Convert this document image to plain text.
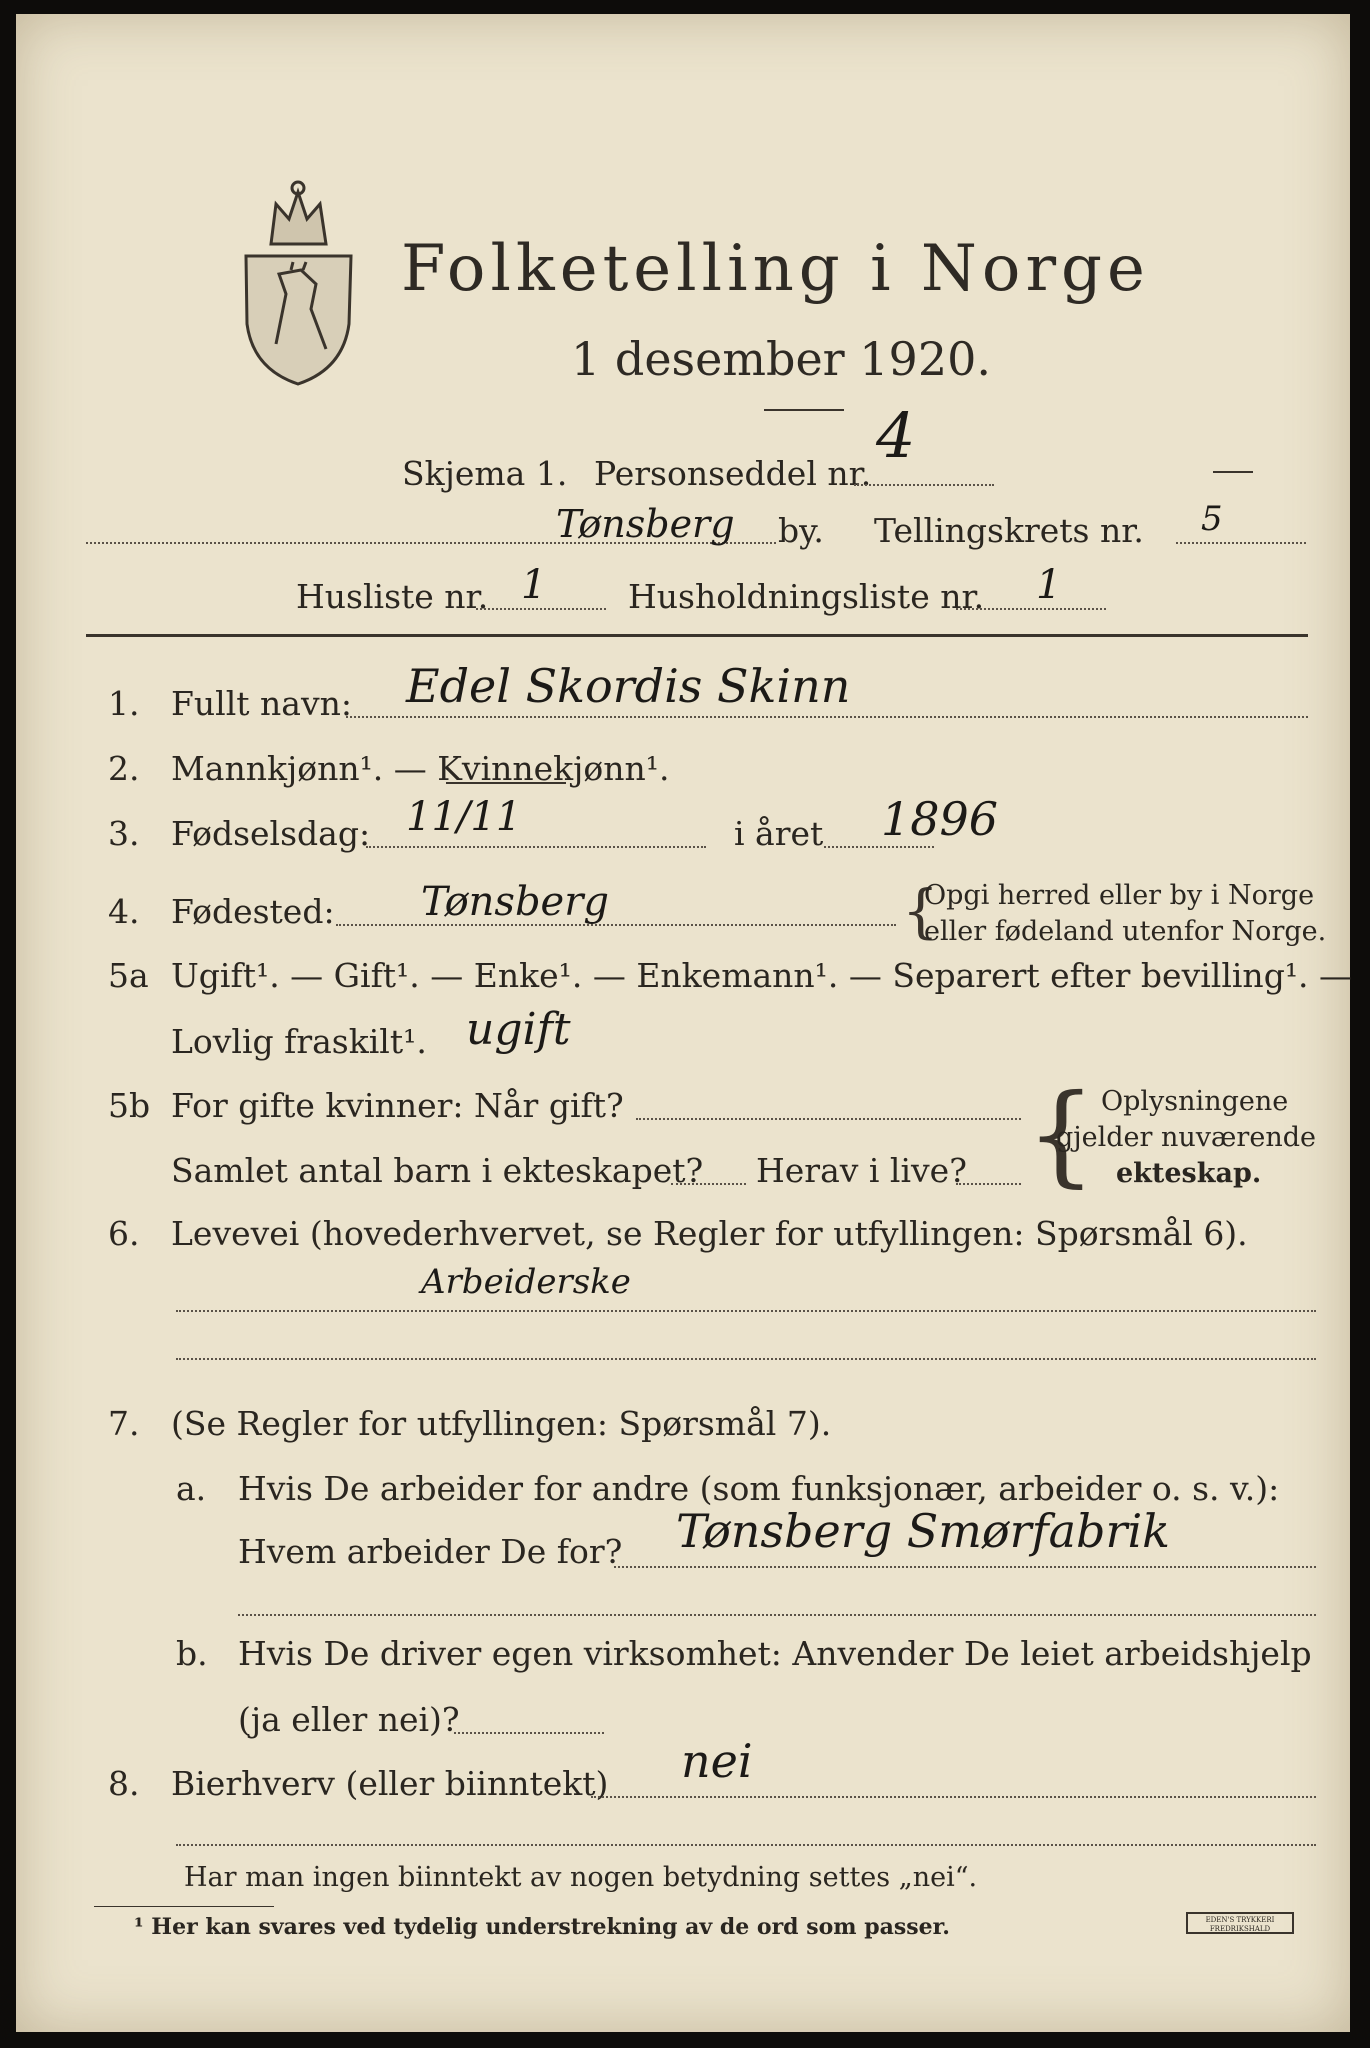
Folketelling i Norge
1 desember 1920.
Skjema 1. Personseddel nr.
4
Tønsberg by. Tellingskrets nr. 5
Husliste nr. 1 Husholdningsliste nr. 1
1. Fullt navn: Edel Skordis Skinn
2. Mannkjønn¹. — Kvinnekjønn¹.
3. Fødselsdag: 11/11	i året 1896
4. Fødested: Tønsberg	{
Opgi herred eller by i Norge
eller fødeland utenfor Norge.
5a Ugift¹. — Gift¹. — Enke¹. — Enkemann¹. — Separert efter bevilling¹. —
Lovlig fraskilt¹. ugift
5b For gifte kvinner: Når gift?
Samlet antal barn i ekteskapet? Herav i live? { Oplysningene
gjelder nuværende
ekteskap.
6. Levevei (hovederhvervet, se Regler for utfyllingen: Spørsmål 6).
Arbeiderske
7. (Se Regler for utfyllingen: Spørsmål 7).
a. Hvis De arbeider for andre (som funksjonær, arbeider o. s. v.):
Hvem arbeider De for? Tønsberg Smørfabrik
b. Hvis De driver egen virksomhet: Anvender De leiet arbeidshjelp
(ja eller nei)?
8. Bierhverv (eller biinntekt) nei
Har man ingen biinntekt av nogen betydning settes „nei“.
¹ Her kan svares ved tydelig understrekning av de ord som passer.	EDEN'S TRYKKERI FREDRIKSHALD
